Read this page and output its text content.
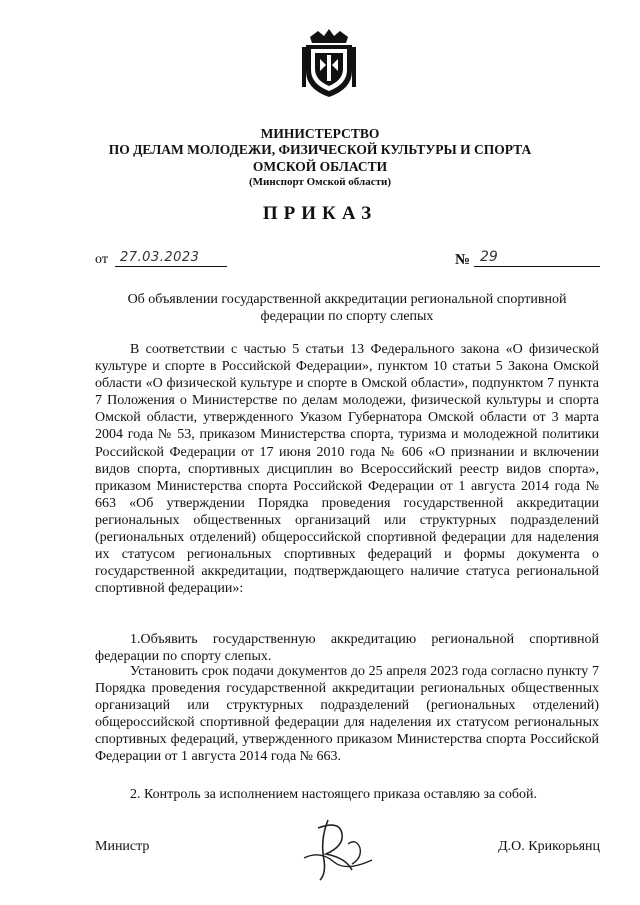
МИНИСТЕРСТВО
ПО ДЕЛАМ МОЛОДЕЖИ, ФИЗИЧЕСКОЙ КУЛЬТУРЫ И СПОРТА
ОМСКОЙ ОБЛАСТИ
(Минспорт Омской области)
ПРИКАЗ
от 27.03.2023	№ 29
Об объявлении государственной аккредитации региональной спортивной федерации по спорту слепых

В соответствии с частью 5 статьи 13 Федерального закона «О физической культуре и спорте в Российской Федерации», пунктом 10 статьи 5 Закона Омской области «О физической культуре и спорте в Омской области», подпунктом 7 пункта 7 Положения о Министерстве по делам молодежи, физической культуры и спорта Омской области, утвержденного Указом Губернатора Омской области от 3 марта 2004 года № 53, приказом Министерства спорта, туризма и молодежной политики Российской Федерации от 17 июня 2010 года № 606 «О признании и включении видов спорта, спортивных дисциплин во Всероссийский реестр видов спорта», приказом Министерства спорта Российской Федерации от 1 августа 2014 года № 663 «Об утверждении Порядка проведения государственной аккредитации региональных общественных организаций или структурных подразделений (региональных отделений) общероссийской спортивной федерации для наделения их статусом региональных спортивных федераций и формы документа о государственной аккредитации, подтверждающего наличие статуса региональной спортивной федерации»:

1.Объявить государственную аккредитацию региональной спортивной федерации по спорту слепых.

Установить срок подачи документов до 25 апреля 2023 года согласно пункту 7 Порядка проведения государственной аккредитации региональных общественных организаций или структурных подразделений (региональных отделений) общероссийской спортивной федерации для наделения их статусом региональных спортивных федераций, утвержденного приказом Министерства спорта Российской Федерации от 1 августа 2014 года № 663.

2. Контроль за исполнением настоящего приказа оставляю за собой.

Министр	Д.О. Крикорьянц
